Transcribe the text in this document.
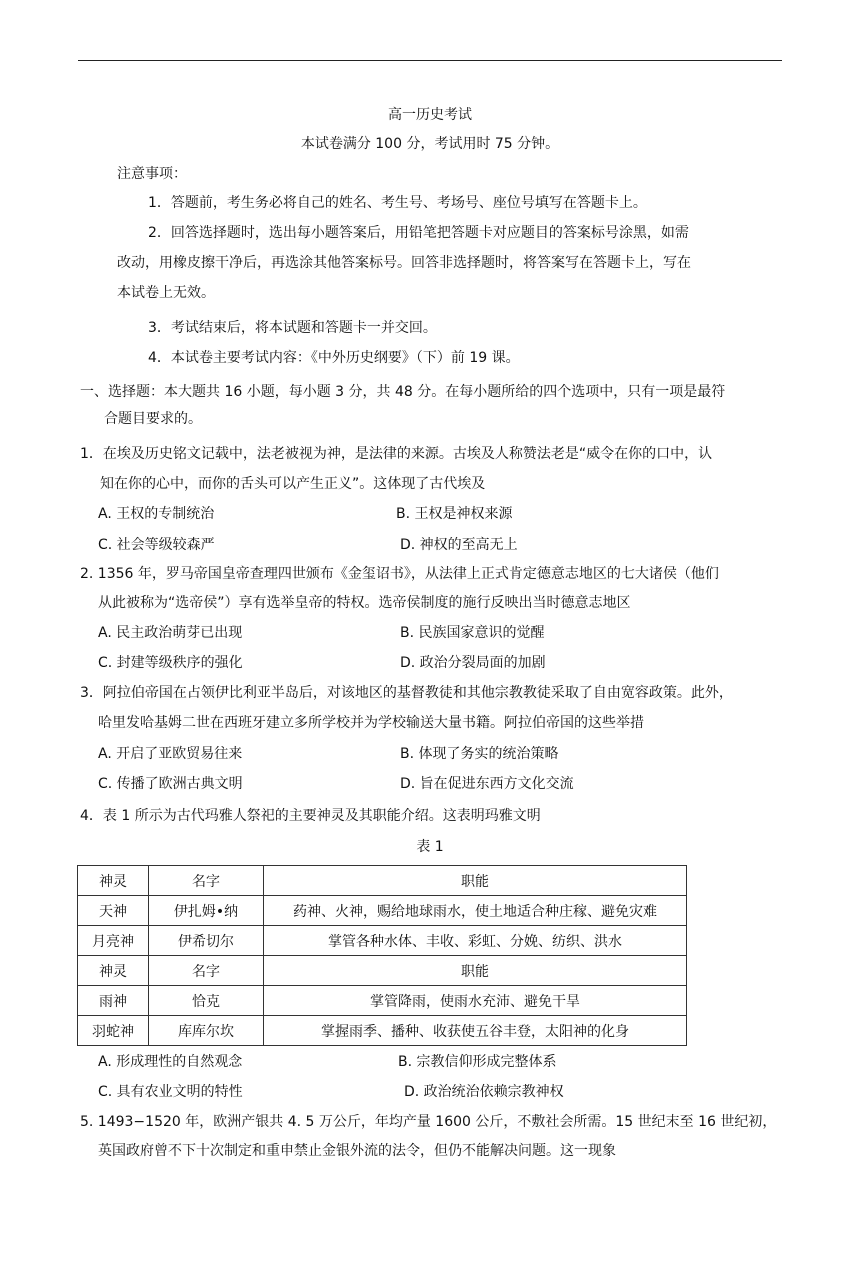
高一历史考试
本试卷满分 100 分，考试用时 75 分钟。
注意事项：
1．答题前，考生务必将自己的姓名、考生号、考场号、座位号填写在答题卡上。
2．回答选择题时，选出每小题答案后，用铅笔把答题卡对应题目的答案标号涂黑，如需
改动，用橡皮擦干净后，再选涂其他答案标号。回答非选择题时，将答案写在答题卡上，写在
本试卷上无效。
3．考试结束后，将本试题和答题卡一并交回。
4．本试卷主要考试内容：《中外历史纲要》（下）前 19 课。
一、选择题：本大题共 16 小题，每小题 3 分，共 48 分。在每小题所给的四个选项中，只有一项是最符
合题目要求的。
1．在埃及历史铭文记载中，法老被视为神，是法律的来源。古埃及人称赞法老是“威令在你的口中，认
知在你的心中，而你的舌头可以产生正义”。这体现了古代埃及
A. 王权的专制统治	B. 王权是神权来源
C. 社会等级较森严	D. 神权的至高无上
2. 1356 年，罗马帝国皇帝查理四世颁布《金玺诏书》，从法律上正式肯定德意志地区的七大诸侯（他们
从此被称为“选帝侯”）享有选举皇帝的特权。选帝侯制度的施行反映出当时德意志地区
A. 民主政治萌芽已出现	B. 民族国家意识的觉醒
C. 封建等级秩序的强化	D. 政治分裂局面的加剧
3．阿拉伯帝国在占领伊比利亚半岛后，对该地区的基督教徒和其他宗教教徒采取了自由宽容政策。此外，
哈里发哈基姆二世在西班牙建立多所学校并为学校输送大量书籍。阿拉伯帝国的这些举措
A. 开启了亚欧贸易往来	B. 体现了务实的统治策略
C. 传播了欧洲古典文明	D. 旨在促进东西方文化交流
4．表 1 所示为古代玛雅人祭祀的主要神灵及其职能介绍。这表明玛雅文明
表 1
神灵	名字	职能
天神	伊扎姆•纳	药神、火神，赐给地球雨水，使土地适合种庄稼、避免灾难
月亮神	伊希切尔	掌管各种水体、丰收、彩虹、分娩、纺织、洪水
神灵	名字	职能
雨神	恰克	掌管降雨，使雨水充沛、避免干旱
羽蛇神	库库尔坎	掌握雨季、播种、收获使五谷丰登，太阳神的化身
A. 形成理性的自然观念	B. 宗教信仰形成完整体系
C. 具有农业文明的特性	D. 政治统治依赖宗教神权
5. 1493−1520 年，欧洲产银共 4. 5 万公斤，年均产量 1600 公斤，不敷社会所需。15 世纪末至 16 世纪初，
英国政府曾不下十次制定和重申禁止金银外流的法令，但仍不能解决问题。这一现象
